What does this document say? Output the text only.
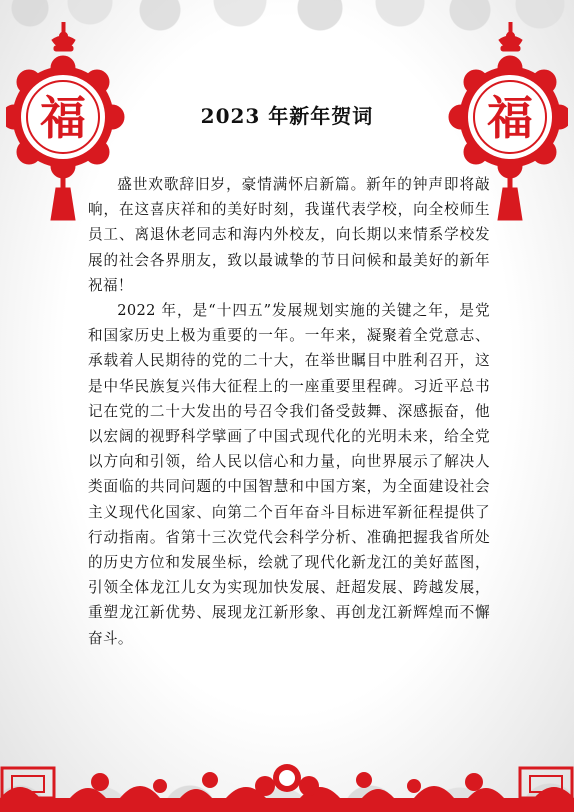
福	福
2023 年新年贺词

盛世欢歌辞旧岁，豪情满怀启新篇。新年的钟声即将敲响，在这喜庆祥和的美好时刻，我谨代表学校，向全校师生员工、离退休老同志和海内外校友，向长期以来情系学校发展的社会各界朋友，致以最诚挚的节日问候和最美好的新年祝福！

2022 年，是“十四五”发展规划实施的关键之年，是党和国家历史上极为重要的一年。一年来，凝聚着全党意志、承载着人民期待的党的二十大，在举世瞩目中胜利召开，这是中华民族复兴伟大征程上的一座重要里程碑。习近平总书记在党的二十大发出的号召令我们备受鼓舞、深感振奋，他以宏阔的视野科学擘画了中国式现代化的光明未来，给全党以方向和引领，给人民以信心和力量，向世界展示了解决人类面临的共同问题的中国智慧和中国方案，为全面建设社会主义现代化国家、向第二个百年奋斗目标进军新征程提供了行动指南。省第十三次党代会科学分析、准确把握我省所处的历史方位和发展坐标，绘就了现代化新龙江的美好蓝图，引领全体龙江儿女为实现加快发展、赶超发展、跨越发展，重塑龙江新优势、展现龙江新形象、再创龙江新辉煌而不懈奋斗。
